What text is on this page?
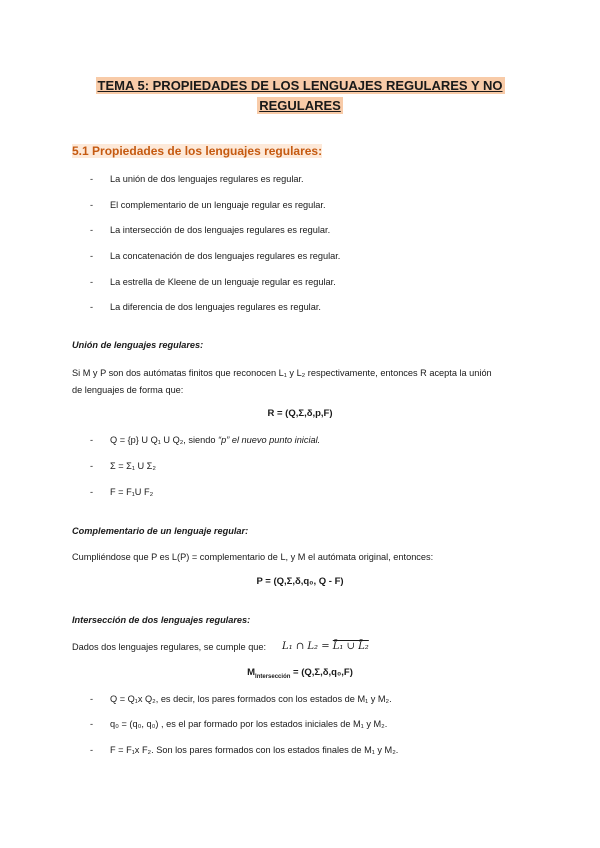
TEMA 5: PROPIEDADES DE LOS LENGUAJES REGULARES Y NO
REGULARES
5.1 Propiedades de los lenguajes regulares:
- La unión de dos lenguajes regulares es regular.
- El complementario de un lenguaje regular es regular.
- La intersección de dos lenguajes regulares es regular.
- La concatenación de dos lenguajes regulares es regular.
- La estrella de Kleene de un lenguaje regular es regular.
- La diferencia de dos lenguajes regulares es regular.
Unión de lenguajes regulares:
Si M y P son dos autómatas finitos que reconocen L₁ y L₂ respectivamente, entonces R acepta la unión
de lenguajes de forma que:
R = (Q,Σ,δ,p,F)
- Q = {p} U Q₁ U Q₂, siendo “p” el nuevo punto inicial.
- Σ = Σ₁ U Σ₂
- F = F₁U F₂
Complementario de un lenguaje regular:
Cumpliéndose que P es L(P) = complementario de L, y M el autómata original, entonces:
P = (Q,Σ,δ,q₀, Q - F)
Intersección de dos lenguajes regulares:
Dados dos lenguajes regulares, se cumple que: L₁ ∩ L₂ = L̄₁ ∪ L̄₂
$M_{Intersección} = (Q,\Sigma,\delta,q_0,F)$
- Q = Q₁x Q₂, es decir, los pares formados con los estados de M₁ y M₂.
- q₀ = (q₀, q₀) , es el par formado por los estados iniciales de M₁ y M₂.
- F = F₁x F₂. Son los pares formados con los estados finales de M₁ y M₂.
